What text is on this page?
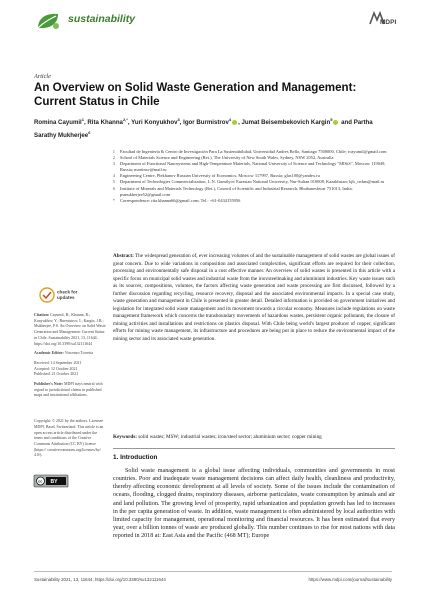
sustainability	MDPI
Article
An Overview on Solid Waste Generation and Management: Current Status in Chile
Romina Cayumil$^1$, Rita Khanna$^{2,*}$, Yuri Konyukhov$^3$, Igor Burmistrov$^4$ , Jumat Beisembekovich Kargin$^5$ and Partha Sarathy Mukherjee$^6$
1	Facultad de Ingeniería & Centro de Investigación Para La Sustentabilidad, Universidad Andres Bello, Santiago 7500000, Chile; rcayumil@gmail.com
2	School of Materials Science and Engineering (Ret.), The University of New South Wales, Sydney, NSW 2052, Australia
3	Department of Functional Nanosystems and High-Temperature Materials, National University of Science and Technology "MISiS", Moscow 119049, Russia; martinsv@mail.ru
4	Engineering Centre, Plekhanov Russian University of Economics, Moscow 117997, Russia; glas100@yandex.ru
5	Department of Technologies Commercialization, L.N. Gumilyov Eurasian National University, Nur-Sultan 010008, Kazakhstan; kjb_crrkm@mail.ru
6	Institute of Minerals and Materials Technology (Ret.), Council of Scientific and Industrial Research, Bhubaneshwar 751013, India; psmukherjee52@gmail.com
*	Correspondence: rita.khanna66@gmail.com; Tel.: +61-0434155956
check for
updates

Citation: Cayumil, R.; Khanna, R.; Konyukhov, Y.; Burmistrov, I.; Kargin, J.B.; Mukherjee, P.S. An Overview on Solid Waste Generation and Management: Current Status in Chile. Sustainability 2021, 13, 11644. https://doi.org/10.3390/su132111644

Academic Editor: Vincenzo Torretta

Received: 14 September 2021
Accepted: 12 October 2021
Published: 21 October 2021

Publisher's Note: MDPI stays neutral with regard to jurisdictional claims in published maps and institutional affiliations.

Copyright: © 2021 by the authors. Licensee MDPI, Basel, Switzerland. This article is an open access article distributed under the terms and conditions of the Creative Commons Attribution (CC BY) license (https:// creativecommons.org/licenses/by/ 4.0/).

cc BY
Abstract: The widespread generation of, ever increasing volumes of and the sustainable management of solid wastes are global issues of great concern. Due to wide variations in composition and associated complexities, significant efforts are required for their collection, processing and environmentally safe disposal in a cost effective manner. An overview of solid wastes is presented in this article with a specific focus on municipal solid wastes and industrial waste from the iron/steelmaking and aluminium industries. Key waste issues such as its sources, compositions, volumes, the factors affecting waste generation and waste processing are first discussed, followed by a further discussion regarding recycling, resource recovery, disposal and the associated environmental impacts. In a special case study, waste generation and management in Chile is presented in greater detail. Detailed information is provided on government initiatives and legislation for integrated solid waste management and its movement towards a circular economy. Measures include regulations on waste management framework which concerns the transboundary movements of hazardous wastes, persistent organic pollutants, the closure of mining activities and installations and restrictions on plastics disposal. With Chile being world's largest producer of copper, significant efforts for mining waste management, its infrastructure and procedures are being put in place to reduce the environmental impact of the mining sector and its associated waste generation.
Keywords: solid wastes; MSW; industrial wastes; iron/steel sector; aluminium sector; copper mining
1. Introduction
Solid waste management is a global issue affecting individuals, communities and governments in most countries. Poor and inadequate waste management decisions can affect daily health, cleanliness and productivity, thereby affecting economic development at all levels of society. Some of the issues include the contamination of oceans, flooding, clogged drains, respiratory diseases, airborne particulates, waste consumption by animals and air and land pollution. The growing level of prosperity, rapid urbanization and population growth has led to increases in the per capita generation of waste. In addition, waste management is often administered by local authorities with limited capacity for management, operational monitoring and financial resources. It has been estimated that every year, over a billion tonnes of waste are produced globally. This number continues to rise for most nations with data reported in 2018 at: East Asia and the Pacific (468 MT); Europe
Sustainability 2021, 13, 11644. https://doi.org/10.3390/su132111644	https://www.mdpi.com/journal/sustainability
